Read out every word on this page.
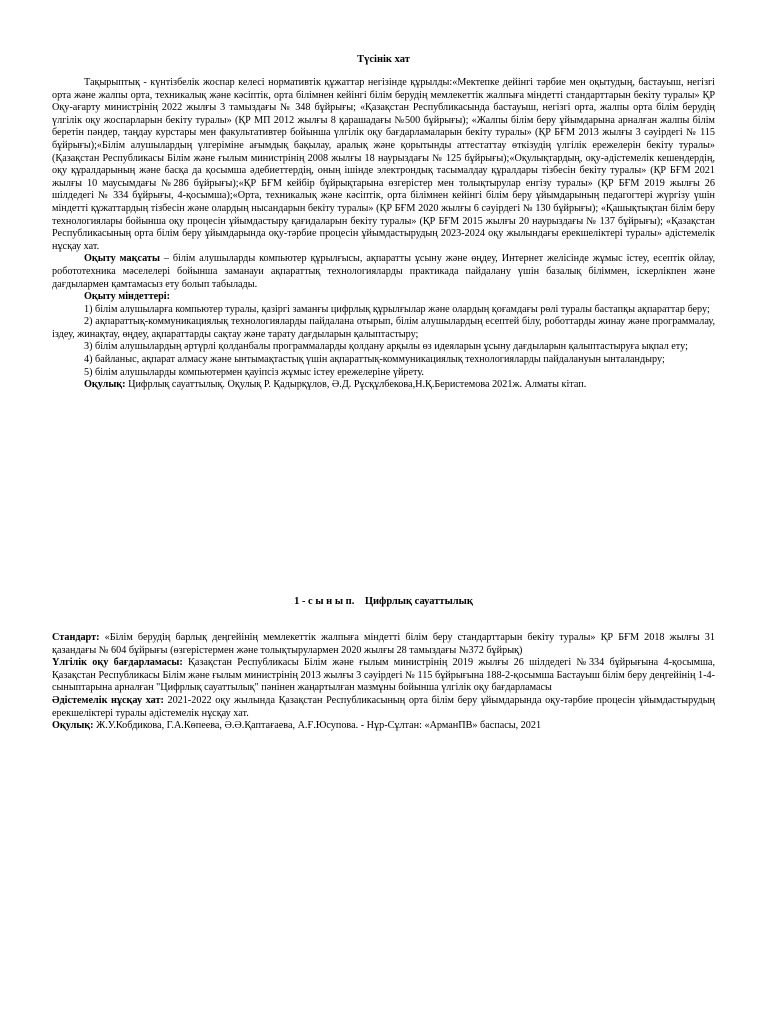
Түсінік хат

Тақырыптық - күнтізбелік жоспар келесі нормативтік құжаттар негізінде құрылды:«Мектепке дейінгі тәрбие мен оқытудың, бастауыш, негізгі орта және жалпы орта, техникалық және кәсіптік, орта білімнен кейінгі білім берудің мемлекеттік жалпыға міндетті стандарттарын бекіту туралы» ҚР Оқу-ағарту министрінің 2022 жылғы 3 тамыздағы № 348 бұйрығы; «Қазақстан Республикасында бастауыш, негізгі орта, жалпы орта білім берудің үлгілік оқу жоспарларын бекіту туралы» (ҚР МП 2012 жылғы 8 қарашадағы №500 бұйрығы); «Жалпы білім беру ұйымдарына арналған жалпы білім беретін пәндер, таңдау курстары мен факультативтер бойынша үлгілік оқу бағдарламаларын бекіту туралы» (ҚР БҒМ 2013 жылғы 3 сәуірдегі № 115 бұйрығы);«Білім алушылардың үлгеріміне ағымдық бақылау, аралық және қорытынды аттестаттау өткізудің үлгілік ережелерін бекіту туралы» (Қазақстан Республикасы Білім және ғылым министрінің 2008 жылғы 18 наурыздағы № 125 бұйрығы);«Оқулықтардың, оқу-әдістемелік кешендердің, оқу құралдарының және басқа да қосымша әдебиеттердің, оның ішінде электрондық тасымалдау құралдары тізбесін бекіту туралы» (ҚР БҒМ 2021 жылғы 10 маусымдағы №286 бұйрығы);«ҚР БҒМ кейбір бұйрықтарына өзгерістер мен толықтырулар енгізу туралы» (ҚР БҒМ 2019 жылғы 26 шілдедегі № 334 бұйрығы, 4-қосымша);«Орта, техникалық және кәсіптік, орта білімнен кейінгі білім беру ұйымдарының педагогтері жүргізу үшін міндетті құжаттардың тізбесін және олардың нысандарын бекіту туралы» (ҚР БҒМ 2020 жылғы 6 сәуірдегі № 130 бұйрығы); «Қашықтықтан білім беру технологиялары бойынша оқу процесін ұйымдастыру қағидаларын бекіту туралы» (ҚР БҒМ 2015 жылғы 20 наурыздағы № 137 бұйрығы); «Қазақстан Республикасының орта білім беру ұйымдарында оқу-тәрбие процесін ұйымдастырудың 2023-2024 оқу жылындағы ерекшеліктері туралы» әдістемелік нұсқау хат.

Оқыту мақсаты – білім алушыларды компьютер құрылғысы, ақпаратты ұсыну және өңдеу, Интернет желісінде жұмыс істеу, есептік ойлау, робототехника мәселелері бойынша заманауи ақпараттық технологияларды практикада пайдалану үшін базалық біліммен, іскерлікпен және дағдылармен қамтамасыз ету болып табылады.

Оқыту міндеттері:

1) білім алушыларға компьютер туралы, қазіргі заманғы цифрлық құрылғылар және олардың қоғамдағы рөлі туралы бастапқы ақпараттар беру;

2) ақпараттық-коммуникациялық технологияларды пайдалана отырып, білім алушылардың есептей білу, роботтарды жинау және программалау, іздеу, жинақтау, өңдеу, ақпараттарды сақтау және тарату дағдыларын қалыптастыру;

3) білім алушылардың әртүрлі қолданбалы программаларды қолдану арқылы өз идеяларын ұсыну дағдыларын қалыптастыруға ықпал ету;

4) байланыс, ақпарат алмасу және ынтымақтастық үшін ақпараттық-коммуникациялық технологияларды пайдалануын ынталандыру;

5) білім алушыларды компьютермен қауіпсіз жұмыс істеу ережелеріне үйрету.

Оқулық: Цифрлық сауаттылық. Оқулық Р. Қадырқұлов, Ә.Д. Рұсқұлбекова,Н.Қ.Беристемова 2021ж. Алматы кітап.

1 - с ы н ы п.    Цифрлық сауаттылық

Стандарт: «Білім берудің барлық деңгейінің мемлекеттік жалпыға міндетті білім беру стандарттарын бекіту туралы» ҚР БҒМ 2018 жылғы 31 қазандағы № 604 бұйрығы (өзгерістермен және толықтырулармен 2020 жылғы 28 тамыздағы №372 бұйрық)

Үлгілік оқу бағдарламасы: Қазақстан Республикасы Білім және ғылым министрінің 2019 жылғы 26 шілдедегі №334 бұйрығына 4-қосымша, Қазақстан Республикасы Білім және ғылым министрінің 2013 жылғы 3 сәуірдегі № 115 бұйрығына 188-2-қосымша Бастауыш білім беру деңгейінің 1-4-сыныптарына арналған "Цифрлық сауаттылық" пәнінен жаңартылған мазмұны бойынша үлгілік оқу бағдарламасы

Әдістемелік нұсқау хат: 2021-2022 оқу жылында Қазақстан Республикасының орта білім беру ұйымдарында оқу-тәрбие процесін ұйымдастырудың ерекшеліктері туралы әдістемелік нұсқау хат.

Оқулық: Ж.У.Кобдикова, Г.А.Көпеева, Ә.Ә.Қаптағаева, А.Ғ.Юсупова. - Нұр-Сұлтан: «АрманПВ» баспасы, 2021
